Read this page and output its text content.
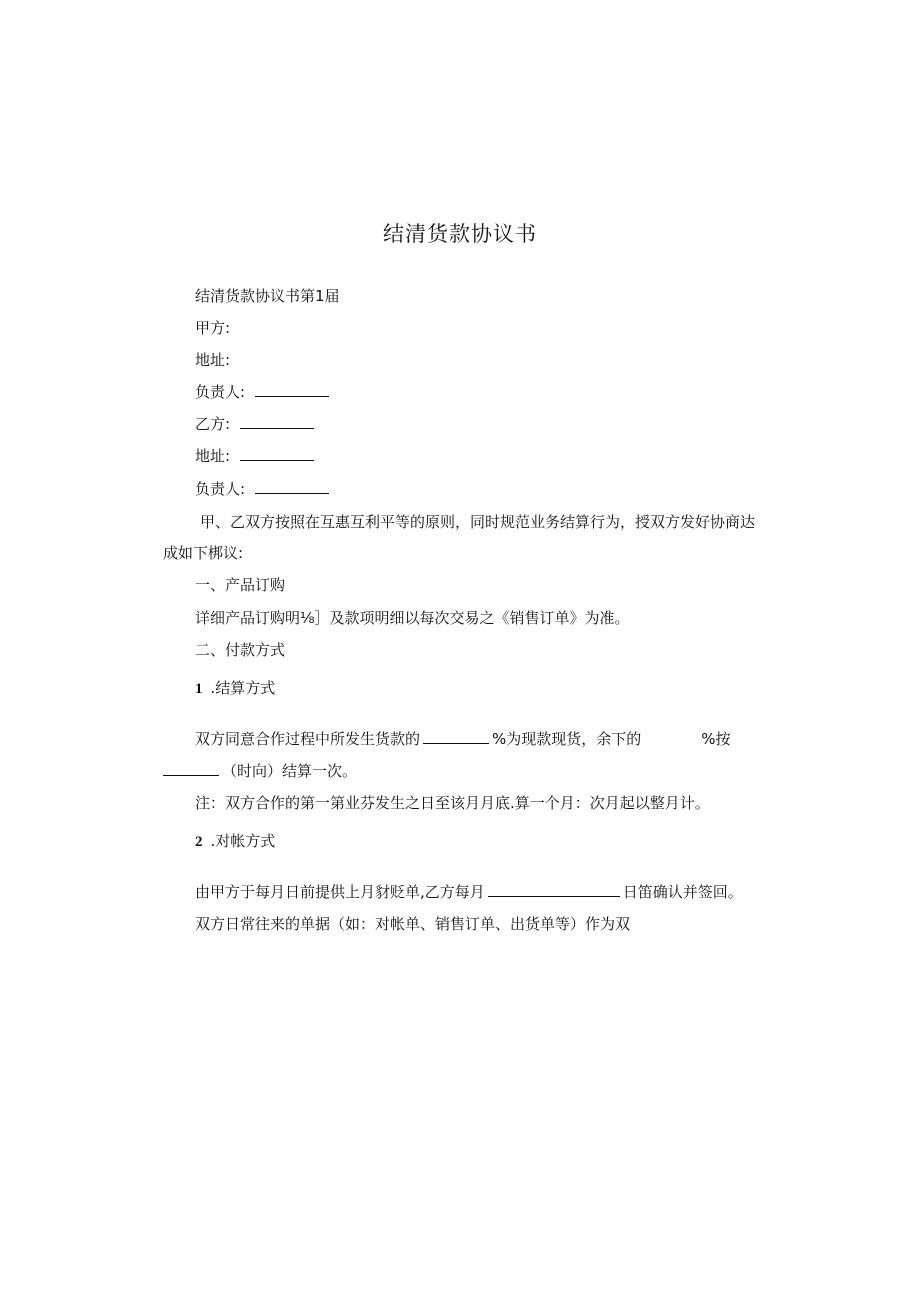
结清货款协议书
结清货款协议书第1届
甲方:
地址:
负责人:
乙方:
地址:
负责人:
甲、乙双方按照在互惠互利平等的原则，同时规范业务结算行为，授双方发好协商达
成如下梆议:
一、产品订购
详细产品订购明⅛］及款项明细以每次交易之《销售订单》为准。
二、付款方式
1 .结算方式
双方同意合作过程中所发生货款的	%为现款现货，余下的	%按
（时向）结算一次。
注：双方合作的第一第业芬发生之日至该月月底.算一个月：次月起以整月计。
2 .对帐方式
由甲方于每月日前提供上月豺贬单,乙方每月	日笛确认并签回。
双方日常往来的单据（如：对帐单、销售订单、出货单等）作为双
